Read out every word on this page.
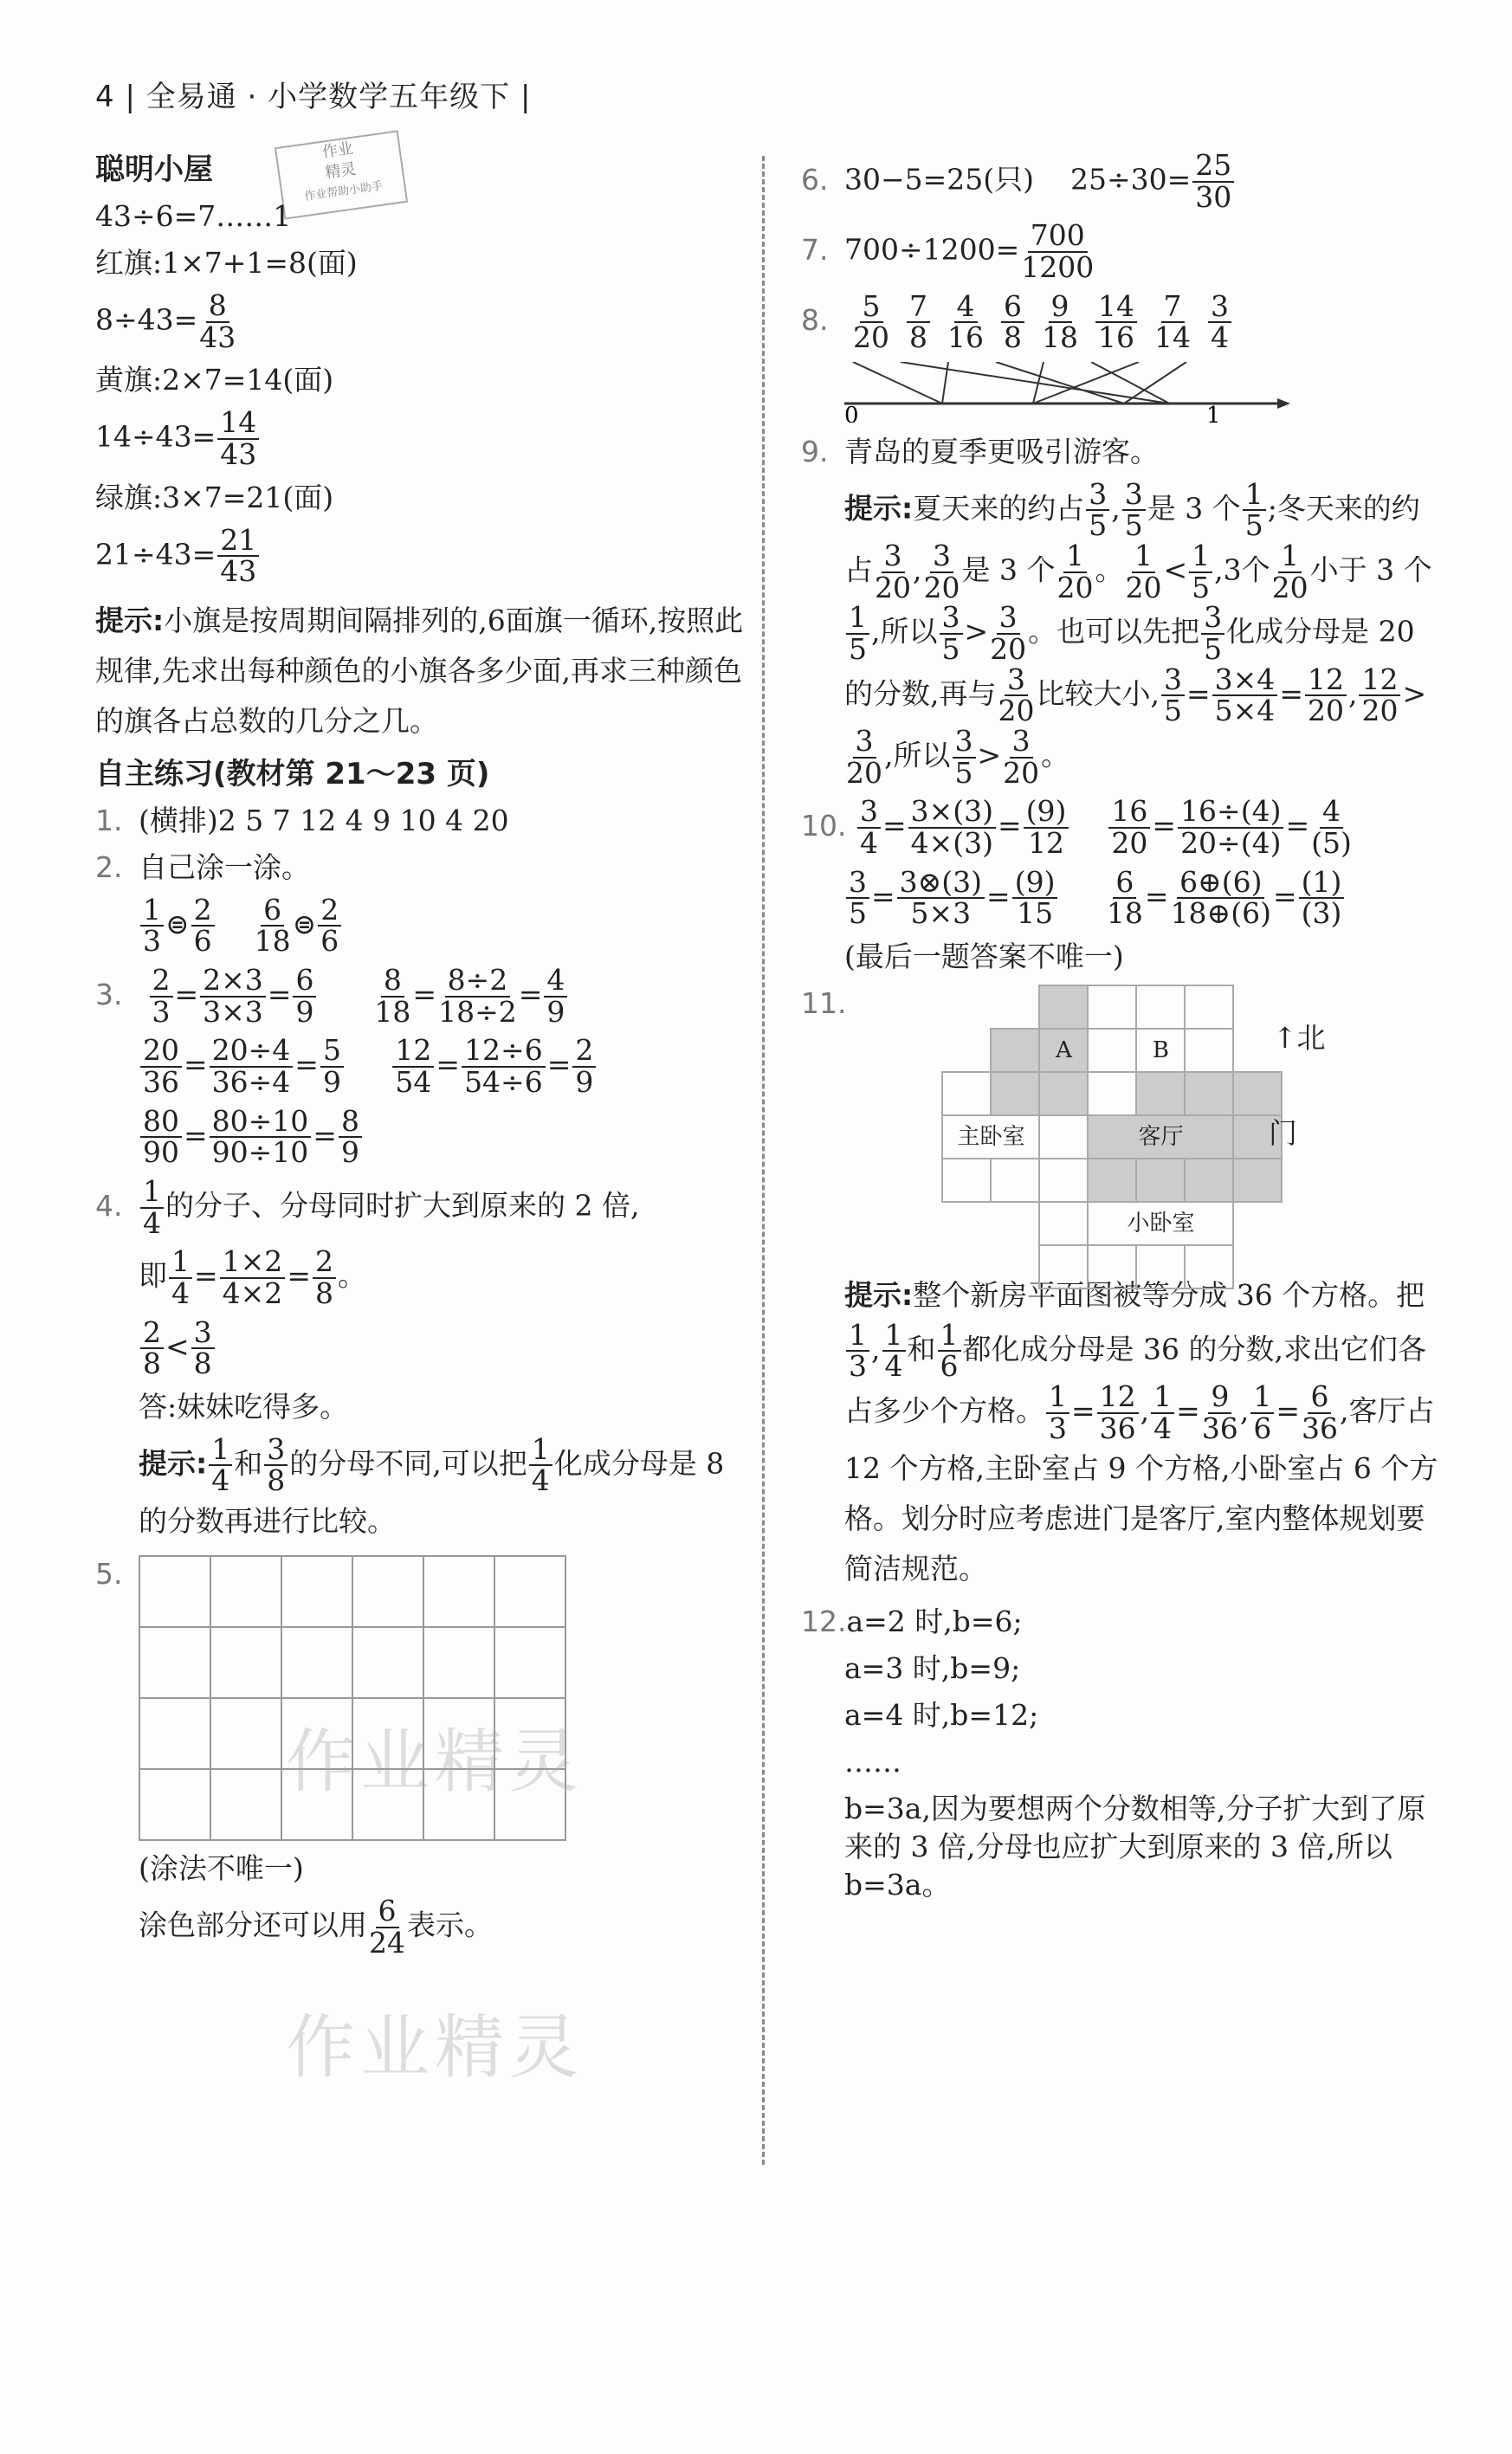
4 | 全易通 · 小学数学五年级下 |
作业
精灵
作业帮助小助手
聪明小屋
43÷6=7……1
红旗:1×7+1=8(面)
$8\div 43= \frac{8}{43}$
黄旗:2×7=14(面)
$14\div 43= \frac{14}{43}$
绿旗:3×7=21(面)
$21\div 43= \frac{21}{43}$
提示:小旗是按周期间隔排列的,6面旗一循环,按照此规律,先求出每种颜色的小旗各多少面,再求三种颜色的旗各占总数的几分之几。
自主练习(教材第 21～23 页)
1. (横排)2 5 7 12 4 9 10 4 20
2. 自己涂一涂。
$\frac{1}{3}$ ⊜ $\frac{2}{6}$
$\frac{6}{18}$ ⊜ $\frac{2}{6}$
3. $\frac{2}{3} = \frac{2\times 3}{3\times 3} = \frac{6}{9}$
$\frac{8}{18} = \frac{8\div 2}{18\div 2} = \frac{4}{9}$
$\frac{20}{36} = \frac{20\div 4}{36\div 4} = \frac{5}{9}$
$\frac{12}{54} = \frac{12\div 6}{54\div 6} = \frac{2}{9}$
$\frac{80}{90} = \frac{80\div 10}{90\div 10} = \frac{8}{9}$
4. $\frac{1}{4}$ 的分子、分母同时扩大到原来的 2 倍,
即 $\frac{1}{4} = \frac{1\times 2}{4\times 2} = \frac{2}{8}$ 。
$\frac{2}{8} < \frac{3}{8}$
答:妹妹吃得多。
提示: $\frac{1}{4}$ 和 $\frac{3}{8}$ 的分母不同,可以把 $\frac{1}{4}$ 化成分母是 8 的分数再进行比较。
5.

(涂法不唯一)
涂色部分还可以用 $\frac{6}{24}$ 表示。
作业精灵
作业精灵
6. 30−5=25(只) $25\div 30= \frac{25}{30}$
7. $700\div 1200= \frac{700}{1200}$
8. $\frac{5}{20} \frac{7}{8} \frac{4}{16} \frac{6}{8} \frac{9}{18} \frac{14}{16} \frac{7}{14} \frac{3}{4}$
0	1
9. 青岛的夏季更吸引游客。
提示:夏天来的约占 $\frac{3}{5}$ , $\frac{3}{5}$ 是 3 个 $\frac{1}{5}$ ;冬天来的约占 $\frac{3}{20}$ , $\frac{3}{20}$ 是 3 个 $\frac{1}{20}$ 。 $\frac{1}{20} < \frac{1}{5} ,3$个 $\frac{1}{20}$ 小于 3 个
$\frac{1}{5}$ ,所以 $\frac{3}{5} > \frac{3}{20}$ 。也可以先把 $\frac{3}{5}$ 化成分母是 20 的分数,再与 $\frac{3}{20}$ 比较大小, $\frac{3}{5} = \frac{3\times 4}{5\times 4} = \frac{12}{20}$ , $\frac{12}{20}$ >
$\frac{3}{20}$ ,所以 $\frac{3}{5} > \frac{3}{20}$ 。
10. $\frac{3}{4} = \frac{3\times(3)}{4\times(3)} = \frac{(9)}{12}$
$\frac{16}{20} = \frac{16\div(4)}{20\div(4)} = \frac{4}{(5)}$
$\frac{3}{5} = \frac{3\otimes(3)}{5\times 3} = \frac{(9)}{15}$
$\frac{6}{18} = \frac{6\oplus(6)}{18\oplus(6)} = \frac{(1)}{(3)}$
(最后一题答案不唯一)
11.

		A		B		

主卧室			客厅			

			小卧室			

↑北
门
提示:整个新房平面图被等分成 36 个方格。把
$\frac{1}{3}$ , $\frac{1}{4}$ 和 $\frac{1}{6}$ 都化成分母是 36 的分数,求出它们各占多少个方格。 $\frac{1}{3} = \frac{12}{36}$ , $\frac{1}{4} = \frac{9}{36}$ , $\frac{1}{6} = \frac{6}{36}$ ,客厅占 12 个方格,主卧室占 9 个方格,小卧室占 6 个方格。划分时应考虑进门是客厅,室内整体规划要简洁规范。
12.a=2 时,b=6;
a=3 时,b=9;
a=4 时,b=12;
……
b=3a,因为要想两个分数相等,分子扩大到了原来的 3 倍,分母也应扩大到原来的 3 倍,所以 b=3a。
